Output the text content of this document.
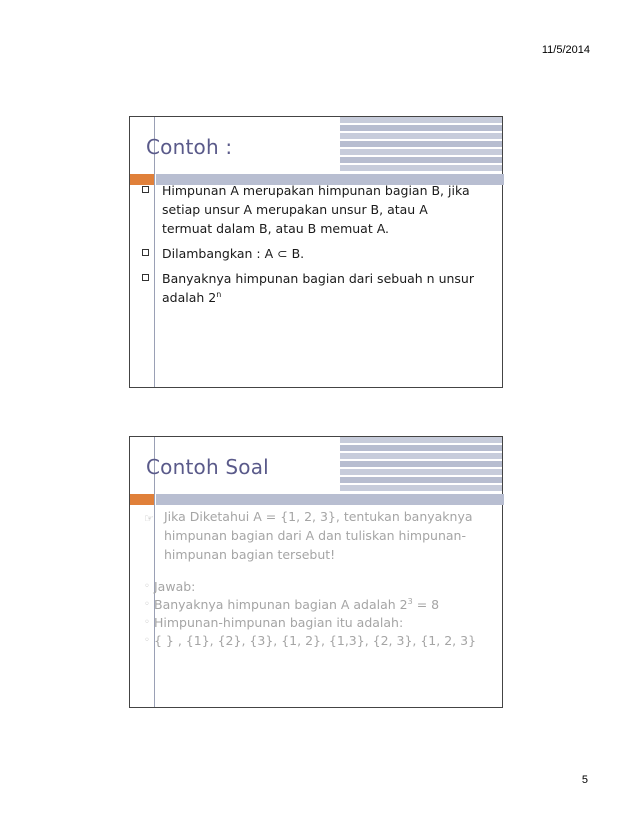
11/5/2014
Contoh :
Himpunan A merupakan himpunan bagian B, jika setiap unsur A merupakan unsur B, atau A termuat dalam B, atau B memuat A.
Dilambangkan : A ⊂ B.
Banyaknya himpunan bagian dari sebuah n unsur adalah 2$^n$
Contoh Soal
☞ Jika Diketahui A = {1, 2, 3}, tentukan banyaknya himpunan bagian dari A dan tuliskan himpunan-himpunan bagian tersebut!
◦ Jawab:
◦ Banyaknya himpunan bagian A adalah $2^3 = 8$
◦ Himpunan-himpunan bagian itu adalah:
◦ { } , {1}, {2}, {3}, {1, 2}, {1,3}, {2, 3}, {1, 2, 3}
5
